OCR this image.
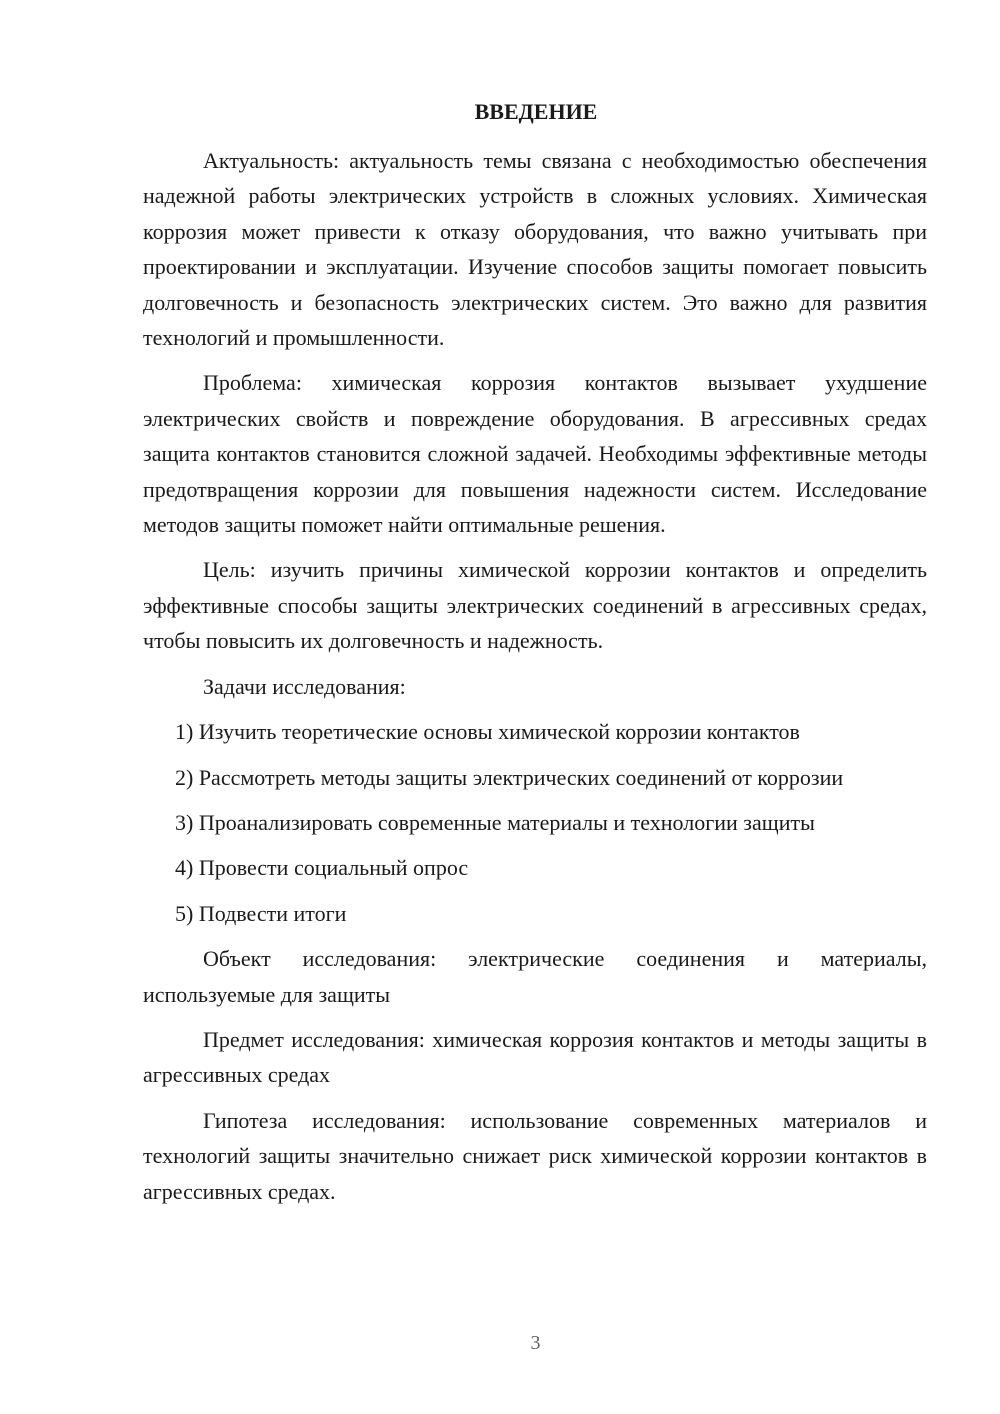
ВВЕДЕНИЕ

Актуальность: актуальность темы связана с необходимостью обеспечения надежной работы электрических устройств в сложных условиях. Химическая коррозия может привести к отказу оборудования, что важно учитывать при проектировании и эксплуатации. Изучение способов защиты помогает повысить долговечность и безопасность электрических систем. Это важно для развития технологий и промышленности.

Проблема: химическая коррозия контактов вызывает ухудшение электрических свойств и повреждение оборудования. В агрессивных средах защита контактов становится сложной задачей. Необходимы эффективные методы предотвращения коррозии для повышения надежности систем. Исследование методов защиты поможет найти оптимальные решения.

Цель: изучить причины химической коррозии контактов и определить эффективные способы защиты электрических соединений в агрессивных средах, чтобы повысить их долговечность и надежность.

Задачи исследования:

1) Изучить теоретические основы химической коррозии контактов

2) Рассмотреть методы защиты электрических соединений от коррозии

3) Проанализировать современные материалы и технологии защиты

4) Провести социальный опрос

5) Подвести итоги

Объект исследования: электрические соединения и материалы, используемые для защиты

Предмет исследования: химическая коррозия контактов и методы защиты в агрессивных средах

Гипотеза исследования: использование современных материалов и технологий защиты значительно снижает риск химической коррозии контактов в агрессивных средах.

3
